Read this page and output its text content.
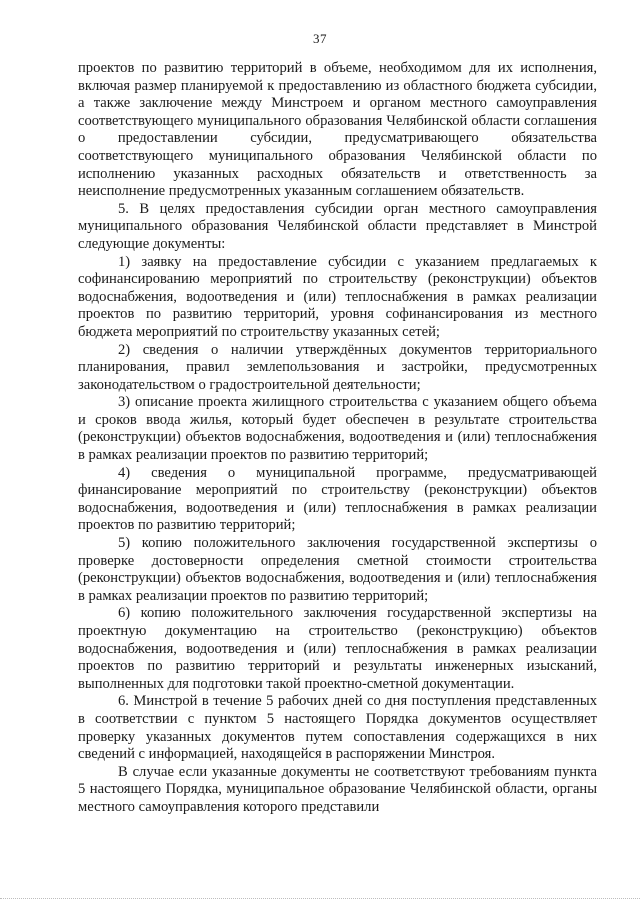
37

проектов по развитию территорий в объеме, необходимом для их исполнения, включая размер планируемой к предоставлению из областного бюджета субсидии, а также заключение между Минстроем и органом местного самоуправления соответствующего муниципального образования Челябинской области соглашения о предоставлении субсидии, предусматривающего обязательства соответствующего муниципального образования Челябинской области по исполнению указанных расходных обязательств и ответственность за неисполнение предусмотренных указанным соглашением обязательств.

5. В целях предоставления субсидии орган местного самоуправления муниципального образования Челябинской области представляет в Минстрой следующие документы:

1) заявку на предоставление субсидии с указанием предлагаемых к софинансированию мероприятий по строительству (реконструкции) объектов водоснабжения, водоотведения и (или) теплоснабжения в рамках реализации проектов по развитию территорий, уровня софинансирования из местного бюджета мероприятий по строительству указанных сетей;

2) сведения о наличии утверждённых документов территориального планирования, правил землепользования и застройки, предусмотренных законодательством о градостроительной деятельности;

3) описание проекта жилищного строительства с указанием общего объема и сроков ввода жилья, который будет обеспечен в результате строительства (реконструкции) объектов водоснабжения, водоотведения и (или) теплоснабжения в рамках реализации проектов по развитию территорий;

4) сведения о муниципальной программе, предусматривающей финансирование мероприятий по строительству (реконструкции) объектов водоснабжения, водоотведения и (или) теплоснабжения в рамках реализации проектов по развитию территорий;

5) копию положительного заключения государственной экспертизы о проверке достоверности определения сметной стоимости строительства (реконструкции) объектов водоснабжения, водоотведения и (или) теплоснабжения в рамках реализации проектов по развитию территорий;

6) копию положительного заключения государственной экспертизы на проектную документацию на строительство (реконструкцию) объектов водоснабжения, водоотведения и (или) теплоснабжения в рамках реализации проектов по развитию территорий и результаты инженерных изысканий, выполненных для подготовки такой проектно-сметной документации.

6. Минстрой в течение 5 рабочих дней со дня поступления представленных в соответствии с пунктом 5 настоящего Порядка документов осуществляет проверку указанных документов путем сопоставления содержащихся в них сведений с информацией, находящейся в распоряжении Минстроя.

В случае если указанные документы не соответствуют требованиям пункта 5 настоящего Порядка, муниципальное образование Челябинской области, органы местного самоуправления которого представили
